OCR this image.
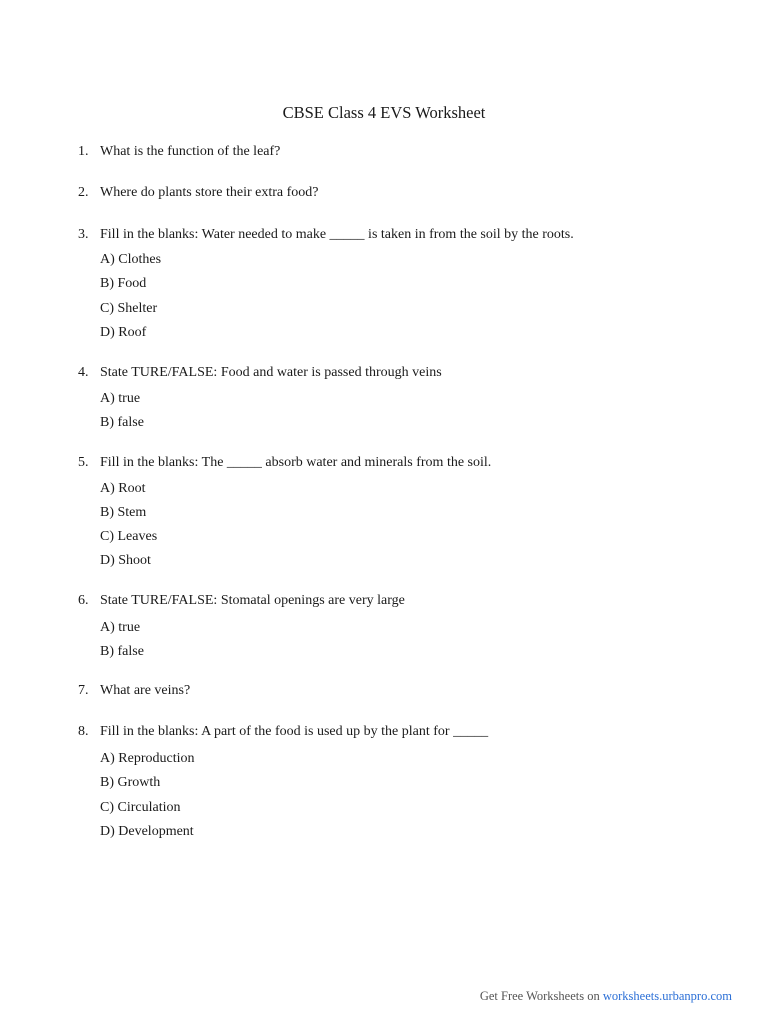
CBSE Class 4 EVS Worksheet
1. What is the function of the leaf?
2. Where do plants store their extra food?
3. Fill in the blanks: Water needed to make _____ is taken in from the soil by the roots.
A) Clothes
B) Food
C) Shelter
D) Roof
4. State TURE/FALSE: Food and water is passed through veins
A) true
B) false
5. Fill in the blanks: The _____ absorb water and minerals from the soil.
A) Root
B) Stem
C) Leaves
D) Shoot
6. State TURE/FALSE: Stomatal openings are very large
A) true
B) false
7. What are veins?
8. Fill in the blanks: A part of the food is used up by the plant for _____
A) Reproduction
B) Growth
C) Circulation
D) Development
Get Free Worksheets on worksheets.urbanpro.com
